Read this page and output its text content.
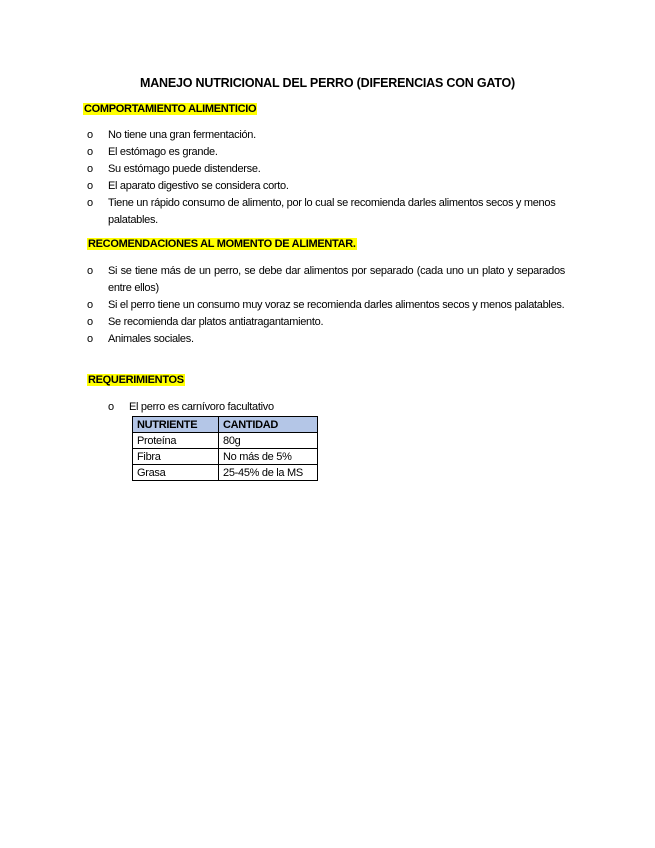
MANEJO NUTRICIONAL DEL PERRO (DIFERENCIAS CON GATO)
COMPORTAMIENTO ALIMENTICIO
o No tiene una gran fermentación.
o El estómago es grande.
o Su estómago puede distenderse.
o El aparato digestivo se considera corto.
o Tiene un rápido consumo de alimento, por lo cual se recomienda darles alimentos secos y menos palatables.
RECOMENDACIONES AL MOMENTO DE ALIMENTAR.
o Si se tiene más de un perro, se debe dar alimentos por separado (cada uno un plato y separados entre ellos)
o Si el perro tiene un consumo muy voraz se recomienda darles alimentos secos y menos palatables.
o Se recomienda dar platos antiatragantamiento.
o Animales sociales.
REQUERIMIENTOS
o El perro es carnívoro facultativo
NUTRIENTE	CANTIDAD
Proteína	80g
Fibra	No más de 5%
Grasa	25-45% de la MS
